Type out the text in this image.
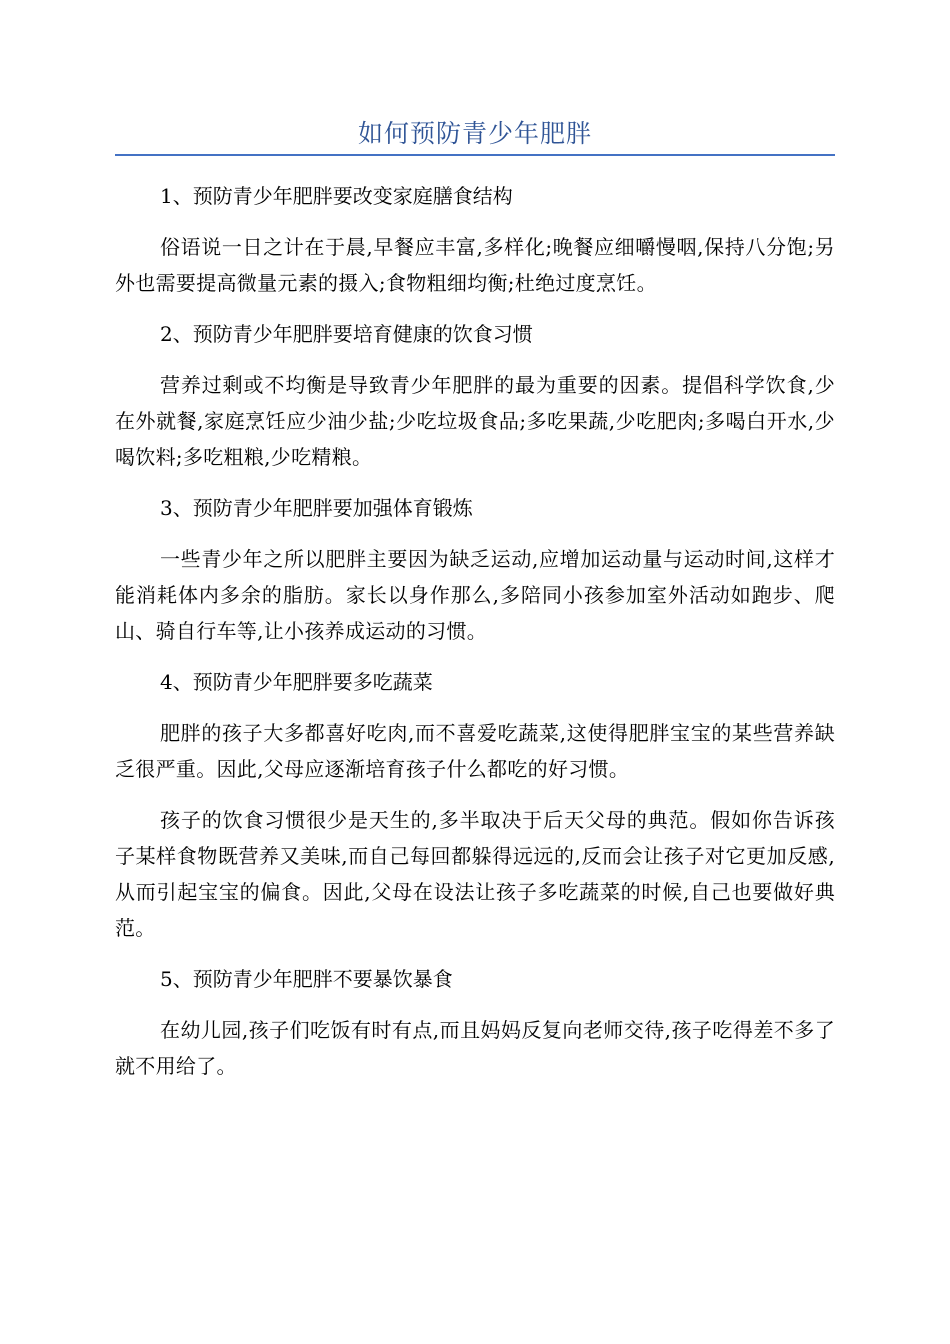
如何预防青少年肥胖

1、预防青少年肥胖要改变家庭膳食结构

俗语说一日之计在于晨,早餐应丰富,多样化;晚餐应细嚼慢咽,保持八分饱;另外也需要提高微量元素的摄入;食物粗细均衡;杜绝过度烹饪。

2、预防青少年肥胖要培育健康的饮食习惯

营养过剩或不均衡是导致青少年肥胖的最为重要的因素。提倡科学饮食,少在外就餐,家庭烹饪应少油少盐;少吃垃圾食品;多吃果蔬,少吃肥肉;多喝白开水,少喝饮料;多吃粗粮,少吃精粮。

3、预防青少年肥胖要加强体育锻炼

一些青少年之所以肥胖主要因为缺乏运动,应增加运动量与运动时间,这样才能消耗体内多余的脂肪。家长以身作那么,多陪同小孩参加室外活动如跑步、爬山、骑自行车等,让小孩养成运动的习惯。

4、预防青少年肥胖要多吃蔬菜

肥胖的孩子大多都喜好吃肉,而不喜爱吃蔬菜,这使得肥胖宝宝的某些营养缺乏很严重。因此,父母应逐渐培育孩子什么都吃的好习惯。

孩子的饮食习惯很少是天生的,多半取决于后天父母的典范。假如你告诉孩子某样食物既营养又美味,而自己每回都躲得远远的,反而会让孩子对它更加反感,从而引起宝宝的偏食。因此,父母在设法让孩子多吃蔬菜的时候,自己也要做好典范。

5、预防青少年肥胖不要暴饮暴食

在幼儿园,孩子们吃饭有时有点,而且妈妈反复向老师交待,孩子吃得差不多了就不用给了。
